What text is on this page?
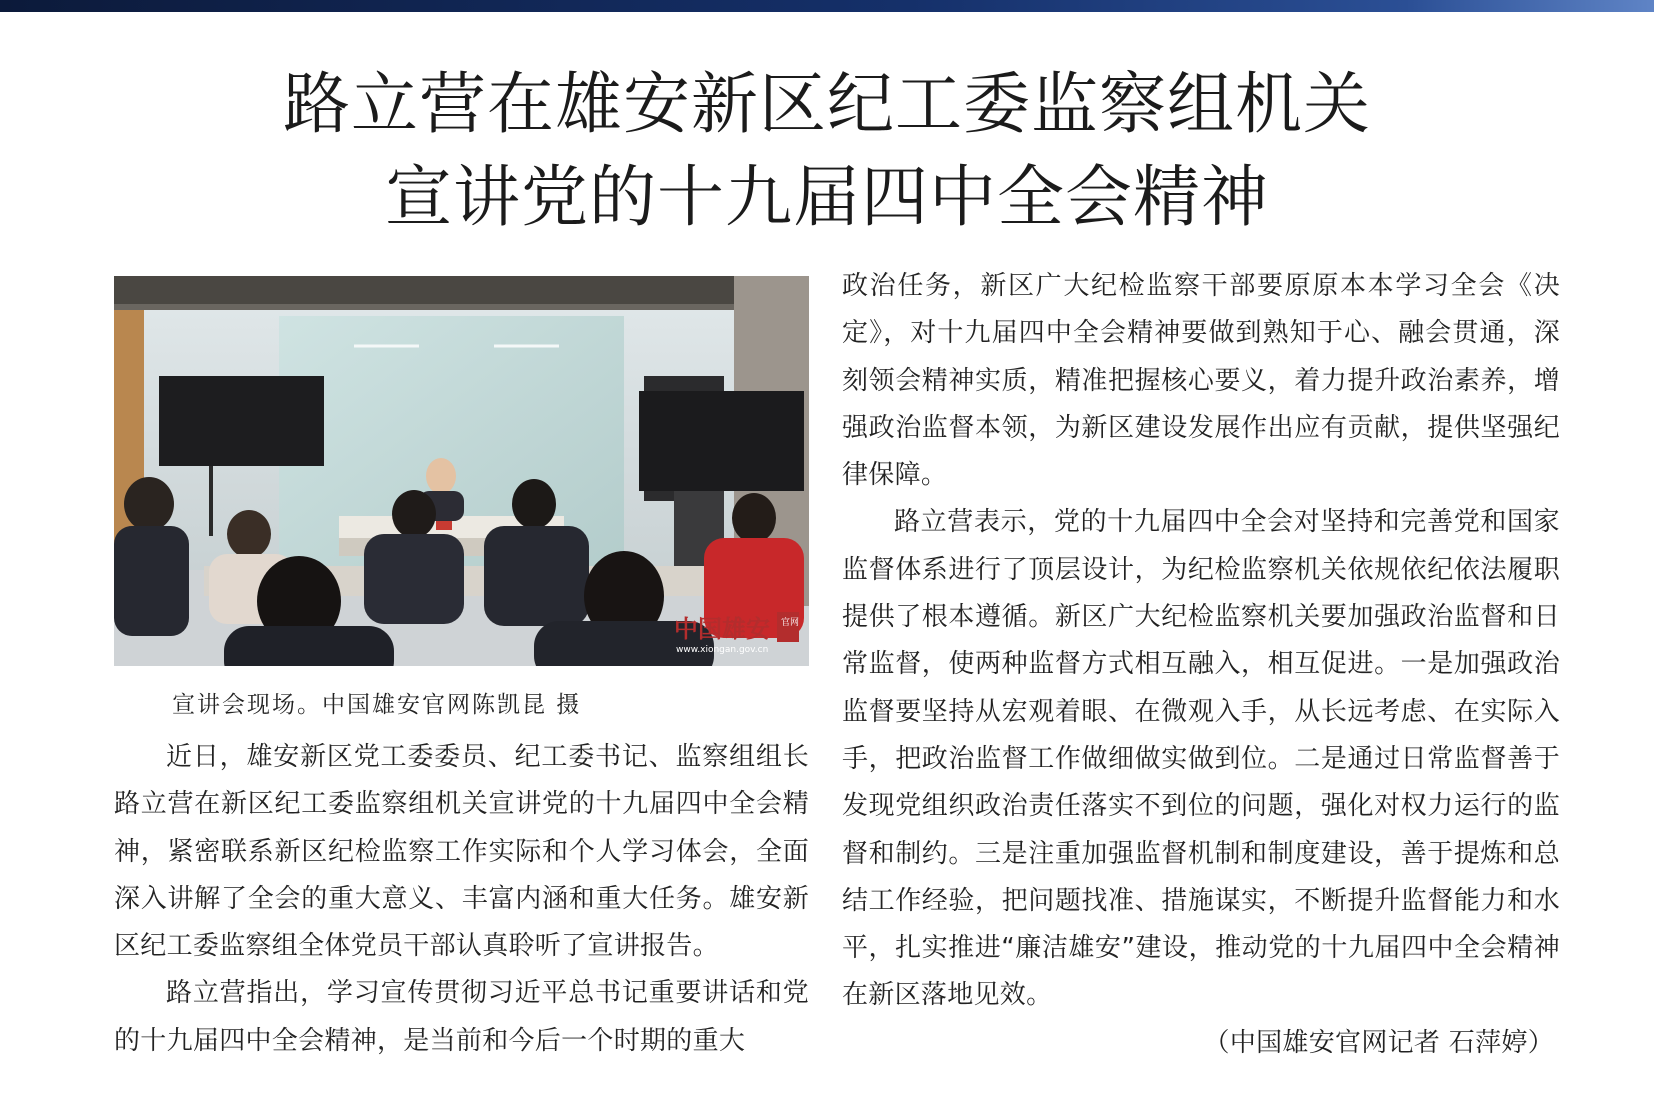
路立营在雄安新区纪工委监察组机关
宣讲党的十九届四中全会精神
中国雄安 官网
www.xiongan.gov.cn
宣讲会现场。中国雄安官网陈凯昆 摄

近日，雄安新区党工委委员、纪工委书记、监察组组长路立营在新区纪工委监察组机关宣讲党的十九届四中全会精神，紧密联系新区纪检监察工作实际和个人学习体会，全面深入讲解了全会的重大意义、丰富内涵和重大任务。雄安新区纪工委监察组全体党员干部认真聆听了宣讲报告。

路立营指出，学习宣传贯彻习近平总书记重要讲话和党的十九届四中全会精神，是当前和今后一个时期的重大

政治任务，新区广大纪检监察干部要原原本本学习全会《决定》，对十九届四中全会精神要做到熟知于心、融会贯通，深刻领会精神实质，精准把握核心要义，着力提升政治素养，增强政治监督本领，为新区建设发展作出应有贡献，提供坚强纪律保障。

路立营表示，党的十九届四中全会对坚持和完善党和国家监督体系进行了顶层设计，为纪检监察机关依规依纪依法履职提供了根本遵循。新区广大纪检监察机关要加强政治监督和日常监督，使两种监督方式相互融入，相互促进。一是加强政治监督要坚持从宏观着眼、在微观入手，从长远考虑、在实际入手，把政治监督工作做细做实做到位。二是通过日常监督善于发现党组织政治责任落实不到位的问题，强化对权力运行的监督和制约。三是注重加强监督机制和制度建设，善于提炼和总结工作经验，把问题找准、措施谋实，不断提升监督能力和水平，扎实推进“廉洁雄安”建设，推动党的十九届四中全会精神在新区落地见效。

（中国雄安官网记者 石萍婷）
